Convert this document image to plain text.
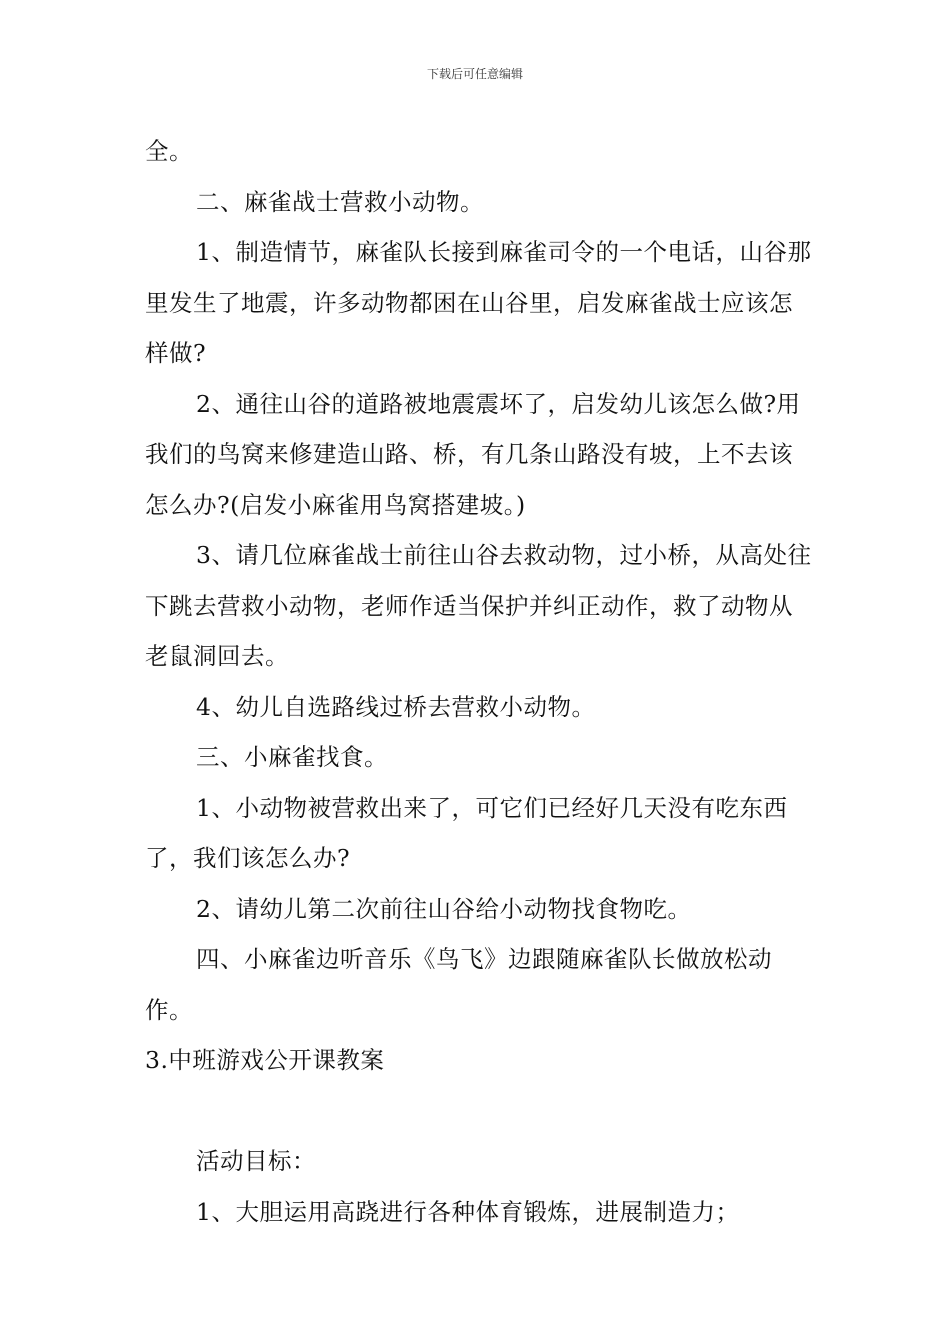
下载后可任意编辑

全。

二、麻雀战士营救小动物。

1、制造情节，麻雀队长接到麻雀司令的一个电话，山谷那里发生了地震，许多动物都困在山谷里，启发麻雀战士应该怎样做?

2、通往山谷的道路被地震震坏了，启发幼儿该怎么做?用我们的鸟窝来修建造山路、桥，有几条山路没有坡，上不去该怎么办?(启发小麻雀用鸟窝搭建坡。)

3、请几位麻雀战士前往山谷去救动物，过小桥，从高处往下跳去营救小动物，老师作适当保护并纠正动作，救了动物从老鼠洞回去。

4、幼儿自选路线过桥去营救小动物。

三、小麻雀找食。

1、小动物被营救出来了，可它们已经好几天没有吃东西了，我们该怎么办?

2、请幼儿第二次前往山谷给小动物找食物吃。

四、小麻雀边听音乐《鸟飞》边跟随麻雀队长做放松动作。

3.中班游戏公开课教案

活动目标：

1、大胆运用高跷进行各种体育锻炼，进展制造力；
